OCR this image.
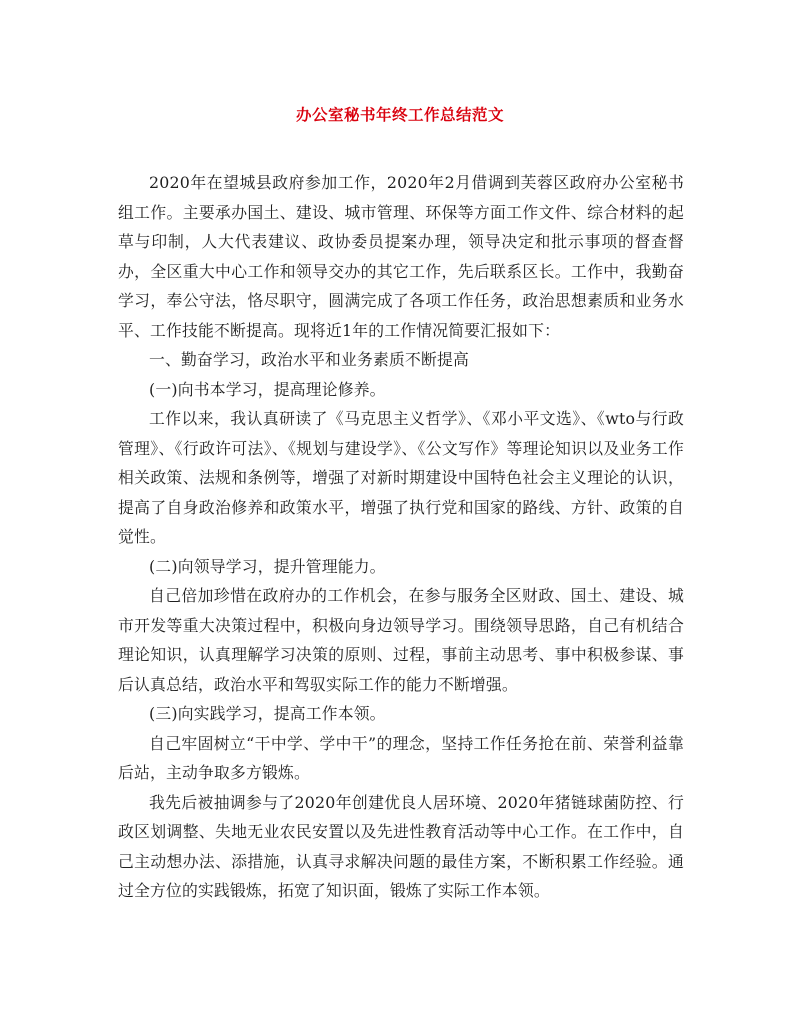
办公室秘书年终工作总结范文

2020年在望城县政府参加工作，2020年2月借调到芙蓉区政府办公室秘书组工作。主要承办国土、建设、城市管理、环保等方面工作文件、综合材料的起草与印制，人大代表建议、政协委员提案办理，领导决定和批示事项的督查督办，全区重大中心工作和领导交办的其它工作，先后联系区长。工作中，我勤奋学习，奉公守法，恪尽职守，圆满完成了各项工作任务，政治思想素质和业务水平、工作技能不断提高。现将近1年的工作情况简要汇报如下：

一、勤奋学习，政治水平和业务素质不断提高

(一)向书本学习，提高理论修养。

工作以来，我认真研读了《马克思主义哲学》、《邓小平文选》、《wto与行政管理》、《行政许可法》、《规划与建设学》、《公文写作》等理论知识以及业务工作相关政策、法规和条例等，增强了对新时期建设中国特色社会主义理论的认识，提高了自身政治修养和政策水平，增强了执行党和国家的路线、方针、政策的自觉性。

(二)向领导学习，提升管理能力。

自己倍加珍惜在政府办的工作机会，在参与服务全区财政、国土、建设、城市开发等重大决策过程中，积极向身边领导学习。围绕领导思路，自己有机结合理论知识，认真理解学习决策的原则、过程，事前主动思考、事中积极参谋、事后认真总结，政治水平和驾驭实际工作的能力不断增强。

(三)向实践学习，提高工作本领。

自己牢固树立“干中学、学中干”的理念，坚持工作任务抢在前、荣誉利益靠后站，主动争取多方锻炼。

我先后被抽调参与了2020年创建优良人居环境、2020年猪链球菌防控、行政区划调整、失地无业农民安置以及先进性教育活动等中心工作。在工作中，自己主动想办法、添措施，认真寻求解决问题的最佳方案，不断积累工作经验。通过全方位的实践锻炼，拓宽了知识面，锻炼了实际工作本领。
